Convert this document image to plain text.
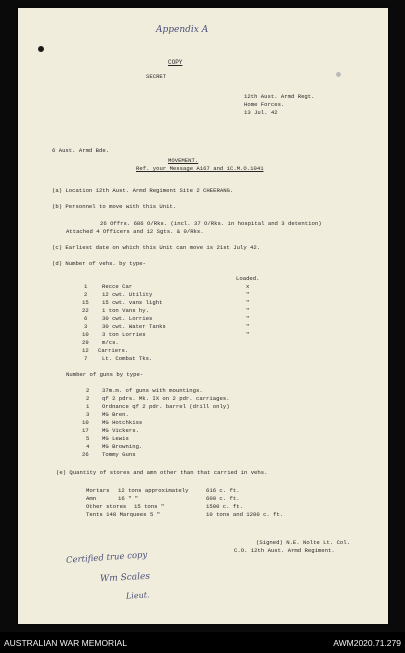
Appendix A
COPY
SECRET
12th Aust. Armd Regt.
Home Forces.
13 Jul. 42
6 Aust. Armd Bde.
MOVEMENT.
Ref. your Message A167 and 1C.M.O.1041
(a) Location 12th Aust. Armd Regiment Site 2 CHEERANG.
(b) Personnel to move with this Unit.
26 Offrs. 686 O/Rks. (incl. 37 O/Rks. in hospital and 3 detention)
Attached 4 Officers and 12 Sgts. & 0/Rks.
(c) Earliest date on which this Unit can move is 21st July 42.
(d) Number of vehs. by type-
Loaded.
1	Recce Car	x
2	12 cwt. Utility	"
15 15 cwt. vans light	"
22 1 ton Vans hy.	"
6	30 cwt. Lorries	"
3	30 cwt. Water Tanks	"
10 3 ton Lorries	"
29 m/cs.
12 Carriers.
7	Lt. Combat Tks.
Number of guns by type-
2 37m.m. of guns with mountings.
2 qf 2 pdrs. Mk. IX on 2 pdr. carriages.
1 Ordnance qf 2 pdr. barrel (drill only)
3 MG Bren.
10 MG Hotchkiss
17 MG Vickers.
5 MG Lewis
4 MG Browning.
26 Tommy Guns
(e) Quantity of stores and amn other than that carried in vehs.
Mortars 12 tons approximately	616 c. ft.
Amn	16 " "	600 c. ft.
Other stores 15 tons "	1500 c. ft.
Tents 148 Marquees 5 "	10 tons and 1200 c. ft.
(Signed) N.E. Nolte Lt. Col.
C.O. 12th Aust. Armd Regiment.
Certified true copy
Wm Scales
Lieut.
AUSTRALIAN WAR MEMORIAL	AWM2020.71.279
